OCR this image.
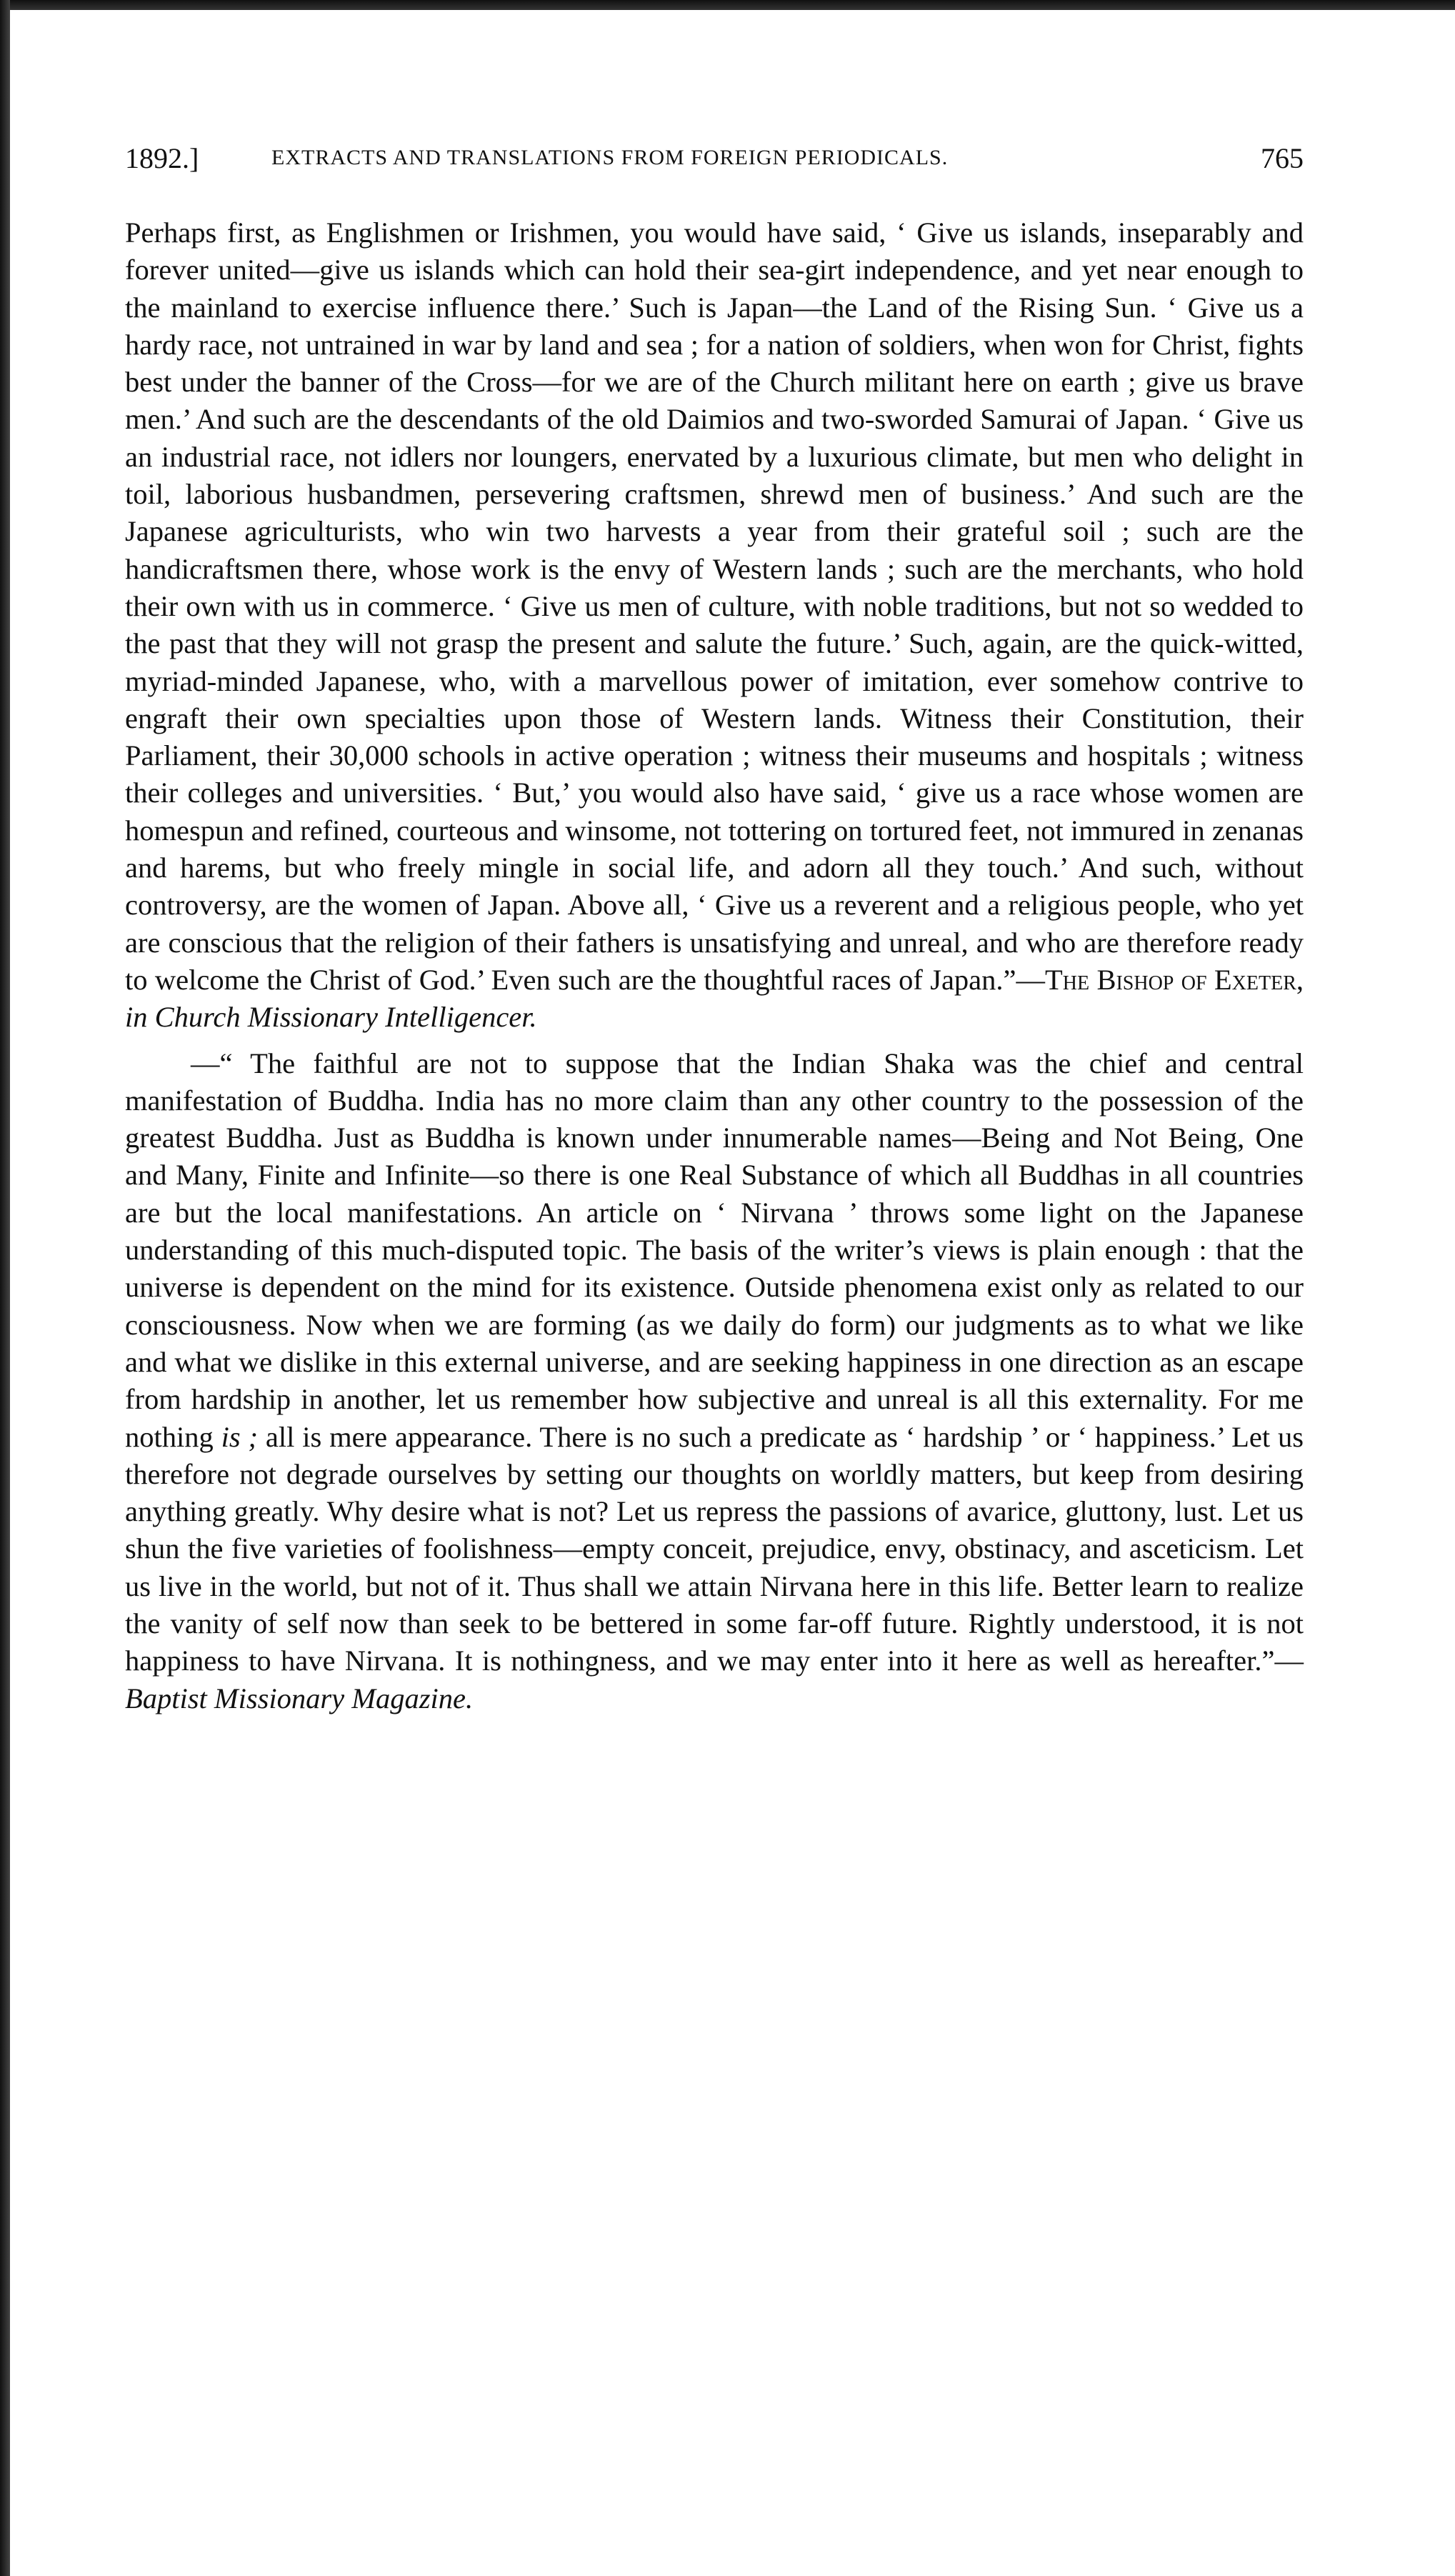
1892.]	EXTRACTS AND TRANSLATIONS FROM FOREIGN PERIODICALS.	765

Perhaps first, as Englishmen or Irishmen, you would have said, ‘ Give us islands, inseparably and forever united—give us islands which can hold their sea-girt independence, and yet near enough to the mainland to exercise influence there.’ Such is Japan—the Land of the Rising Sun. ‘ Give us a hardy race, not untrained in war by land and sea ; for a nation of soldiers, when won for Christ, fights best under the banner of the Cross—for we are of the Church militant here on earth ; give us brave men.’ And such are the descendants of the old Daimios and two-sworded Samurai of Japan. ‘ Give us an industrial race, not idlers nor loungers, enervated by a luxurious climate, but men who delight in toil, laborious husbandmen, persevering craftsmen, shrewd men of business.’ And such are the Japanese agriculturists, who win two harvests a year from their grateful soil ; such are the handicraftsmen there, whose work is the envy of Western lands ; such are the merchants, who hold their own with us in commerce. ‘ Give us men of culture, with noble traditions, but not so wedded to the past that they will not grasp the present and salute the future.’ Such, again, are the quick-witted, myriad-minded Japanese, who, with a marvellous power of imitation, ever somehow contrive to engraft their own specialties upon those of Western lands. Witness their Constitution, their Parliament, their 30,000 schools in active operation ; witness their museums and hospitals ; witness their colleges and universities. ‘ But,’ you would also have said, ‘ give us a race whose women are homespun and refined, courteous and winsome, not tottering on tortured feet, not immured in zenanas and harems, but who freely mingle in social life, and adorn all they touch.’ And such, without controversy, are the women of Japan. Above all, ‘ Give us a reverent and a religious people, who yet are conscious that the religion of their fathers is unsatisfying and unreal, and who are therefore ready to welcome the Christ of God.’ Even such are the thoughtful races of Japan.”—The Bishop of Exeter, in Church Missionary Intelligencer.

—“ The faithful are not to suppose that the Indian Shaka was the chief and central manifestation of Buddha. India has no more claim than any other country to the possession of the greatest Buddha. Just as Buddha is known under innumerable names—Being and Not Being, One and Many, Finite and Infinite—so there is one Real Substance of which all Buddhas in all countries are but the local manifestations. An article on ‘ Nirvana ’ throws some light on the Japanese understanding of this much-disputed topic. The basis of the writer’s views is plain enough : that the universe is dependent on the mind for its existence. Outside phenomena exist only as related to our consciousness. Now when we are forming (as we daily do form) our judgments as to what we like and what we dislike in this external universe, and are seeking happiness in one direction as an escape from hardship in another, let us remember how subjective and unreal is all this externality. For me nothing is ; all is mere appearance. There is no such a predicate as ‘ hardship ’ or ‘ happiness.’ Let us therefore not degrade ourselves by setting our thoughts on worldly matters, but keep from desiring anything greatly. Why desire what is not? Let us repress the passions of avarice, gluttony, lust. Let us shun the five varieties of foolishness—empty conceit, prejudice, envy, obstinacy, and asceticism. Let us live in the world, but not of it. Thus shall we attain Nirvana here in this life. Better learn to realize the vanity of self now than seek to be bettered in some far-off future. Rightly understood, it is not happiness to have Nirvana. It is nothingness, and we may enter into it here as well as hereafter.”—Baptist Missionary Magazine.
